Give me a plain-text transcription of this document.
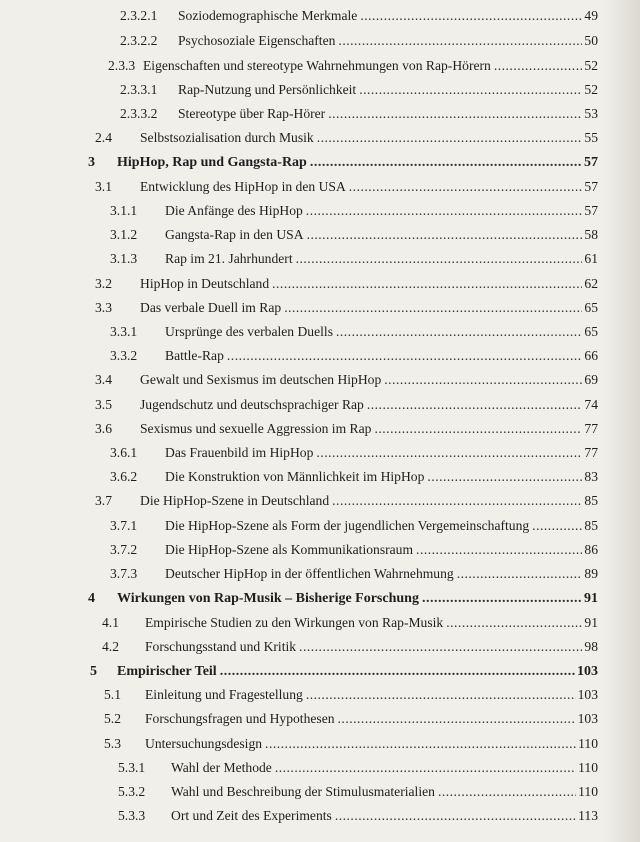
2.3.2.1 Soziodemographische Merkmale .....	49
2.3.2.2 Psychosoziale Eigenschaften .....	50
2.3.3 Eigenschaften und stereotype Wahrnehmungen von Rap-Hörern .....	52
2.3.3.1 Rap-Nutzung und Persönlichkeit .....	52
2.3.3.2 Stereotype über Rap-Hörer .....	53
2.4 Selbstsozialisation durch Musik .....	55
3 HipHop, Rap und Gangsta-Rap .....	57
3.1 Entwicklung des HipHop in den USA .....	57
3.1.1 Die Anfänge des HipHop .....	57
3.1.2 Gangsta-Rap in den USA .....	58
3.1.3 Rap im 21. Jahrhundert .....	61
3.2 HipHop in Deutschland .....	62
3.3 Das verbale Duell im Rap .....	65
3.3.1 Ursprünge des verbalen Duells .....	65
3.3.2 Battle-Rap .....	66
3.4 Gewalt und Sexismus im deutschen HipHop .....	69
3.5 Jugendschutz und deutschsprachiger Rap .....	74
3.6 Sexismus und sexuelle Aggression im Rap .....	77
3.6.1 Das Frauenbild im HipHop .....	77
3.6.2 Die Konstruktion von Männlichkeit im HipHop .....	83
3.7 Die HipHop-Szene in Deutschland .....	85
3.7.1 Die HipHop-Szene als Form der jugendlichen Vergemeinschaftung .....	85
3.7.2 Die HipHop-Szene als Kommunikationsraum .....	86
3.7.3 Deutscher HipHop in der öffentlichen Wahrnehmung .....	89
4 Wirkungen von Rap-Musik – Bisherige Forschung .....	91
4.1 Empirische Studien zu den Wirkungen von Rap-Musik .....	91
4.2 Forschungsstand und Kritik .....	98
5 Empirischer Teil .....	103
5.1 Einleitung und Fragestellung .....	103
5.2 Forschungsfragen und Hypothesen .....	103
5.3 Untersuchungsdesign .....	110
5.3.1 Wahl der Methode .....	110
5.3.2 Wahl und Beschreibung der Stimulusmaterialien .....	110
5.3.3 Ort und Zeit des Experiments .....	113
